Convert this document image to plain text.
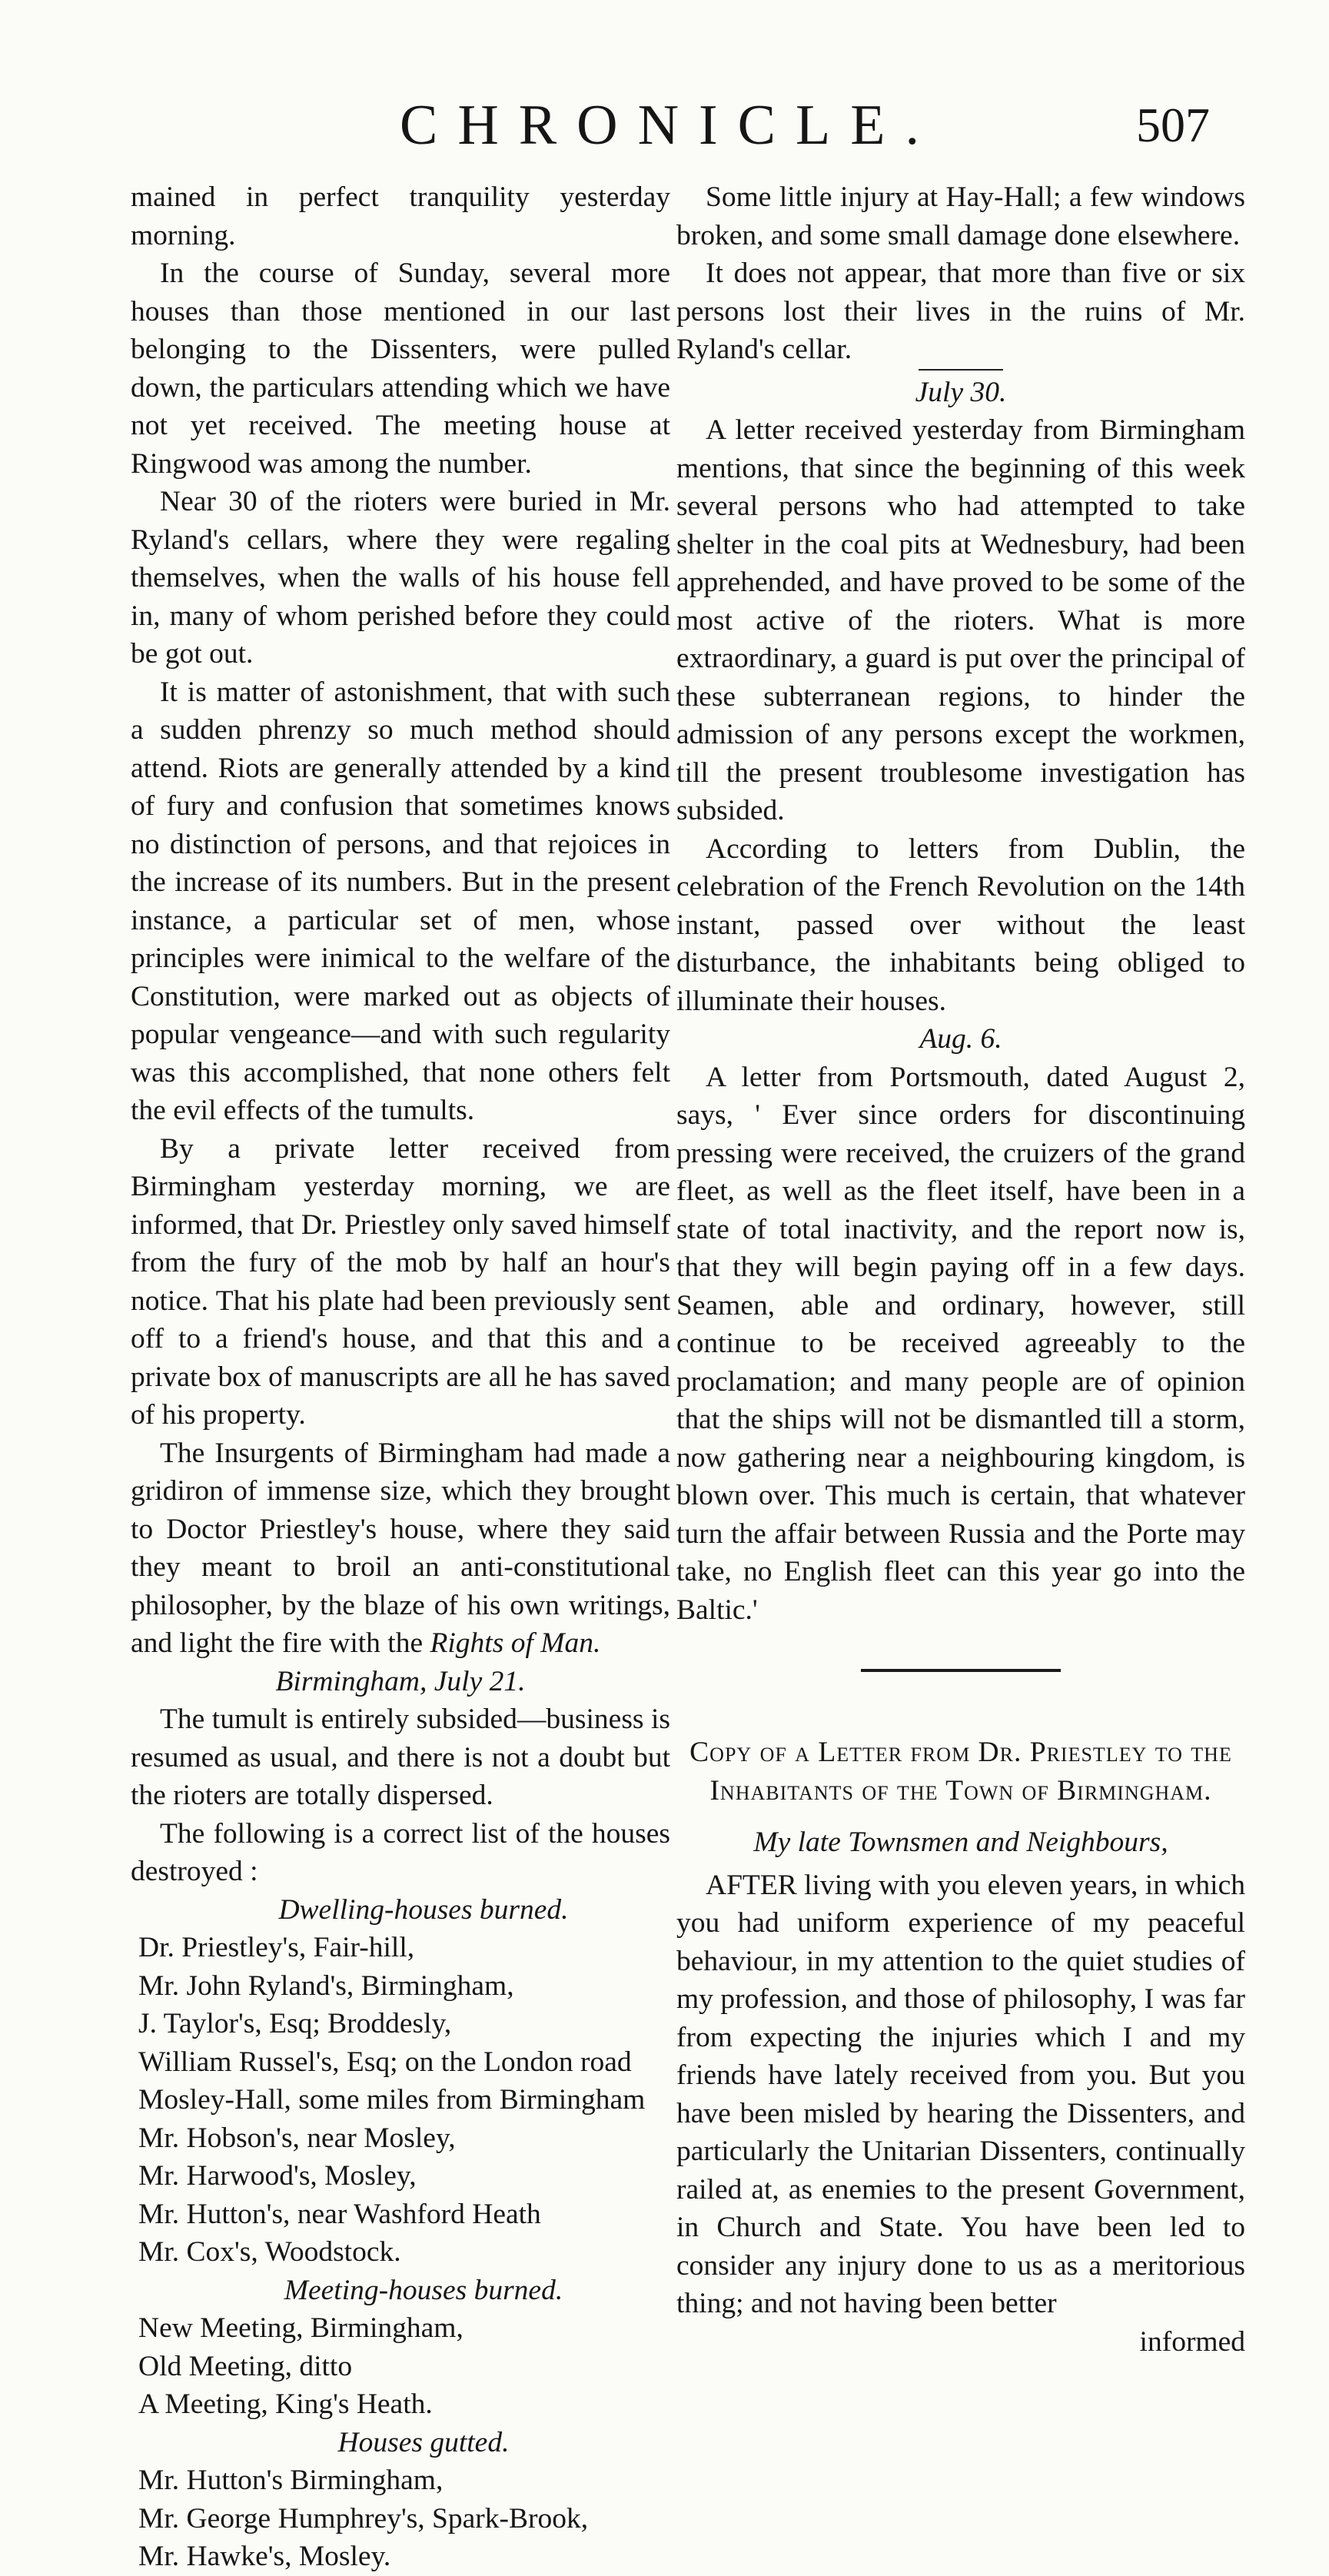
CHRONICLE.	507

mained in perfect tranquility yesterday morning.

In the course of Sunday, several more houses than those mentioned in our last belonging to the Dissenters, were pulled down, the particulars attending which we have not yet received. The meeting house at Ringwood was among the number.

Near 30 of the rioters were buried in Mr. Ryland's cellars, where they were regaling themselves, when the walls of his house fell in, many of whom perished before they could be got out.

It is matter of astonishment, that with such a sudden phrenzy so much method should attend. Riots are generally attended by a kind of fury and confusion that sometimes knows no distinction of persons, and that rejoices in the increase of its numbers. But in the present instance, a particular set of men, whose principles were inimical to the welfare of the Constitution, were marked out as objects of popular vengeance—and with such regularity was this accomplished, that none others felt the evil effects of the tumults.

By a private letter received from Birmingham yesterday morning, we are informed, that Dr. Priestley only saved himself from the fury of the mob by half an hour's notice. That his plate had been previously sent off to a friend's house, and that this and a private box of manuscripts are all he has saved of his property.

The Insurgents of Birmingham had made a gridiron of immense size, which they brought to Doctor Priestley's house, where they said they meant to broil an anti-constitutional philosopher, by the blaze of his own writings, and light the fire with the Rights of Man.

Birmingham, July 21.

The tumult is entirely subsided—business is resumed as usual, and there is not a doubt but the rioters are totally dispersed.

The following is a correct list of the houses destroyed :

Dwelling-houses burned.
Dr. Priestley's, Fair-hill,
Mr. John Ryland's, Birmingham,
J. Taylor's, Esq; Broddesly,
William Russel's, Esq; on the London road
Mosley-Hall, some miles from Birmingham
Mr. Hobson's, near Mosley,
Mr. Harwood's, Mosley,
Mr. Hutton's, near Washford Heath
Mr. Cox's, Woodstock.
Meeting-houses burned.
New Meeting, Birmingham,
Old Meeting, ditto
A Meeting, King's Heath.
Houses gutted.
Mr. Hutton's Birmingham,
Mr. George Humphrey's, Spark-Brook,
Mr. Hawke's, Mosley.

Some little injury at Hay-Hall; a few windows broken, and some small damage done elsewhere.

It does not appear, that more than five or six persons lost their lives in the ruins of Mr. Ryland's cellar.

July 30.

A letter received yesterday from Birmingham mentions, that since the beginning of this week several persons who had attempted to take shelter in the coal pits at Wednesbury, had been apprehended, and have proved to be some of the most active of the rioters. What is more extraordinary, a guard is put over the principal of these subterranean regions, to hinder the admission of any persons except the workmen, till the present troublesome investigation has subsided.

According to letters from Dublin, the celebration of the French Revolution on the 14th instant, passed over without the least disturbance, the inhabitants being obliged to illuminate their houses.

Aug. 6.

A letter from Portsmouth, dated August 2, says, ' Ever since orders for discontinuing pressing were received, the cruizers of the grand fleet, as well as the fleet itself, have been in a state of total inactivity, and the report now is, that they will begin paying off in a few days. Seamen, able and ordinary, however, still continue to be received agreeably to the proclamation; and many people are of opinion that the ships will not be dismantled till a storm, now gathering near a neighbouring kingdom, is blown over. This much is certain, that whatever turn the affair between Russia and the Porte may take, no English fleet can this year go into the Baltic.'

Copy of a Letter from Dr. Priestley to the Inhabitants of the Town of Birmingham.

My late Townsmen and Neighbours,

AFTER living with you eleven years, in which you had uniform experience of my peaceful behaviour, in my attention to the quiet studies of my profession, and those of philosophy, I was far from expecting the injuries which I and my friends have lately received from you. But you have been misled by hearing the Dissenters, and particularly the Unitarian Dissenters, continually railed at, as enemies to the present Government, in Church and State. You have been led to consider any injury done to us as a meritorious thing; and not having been better

informed
